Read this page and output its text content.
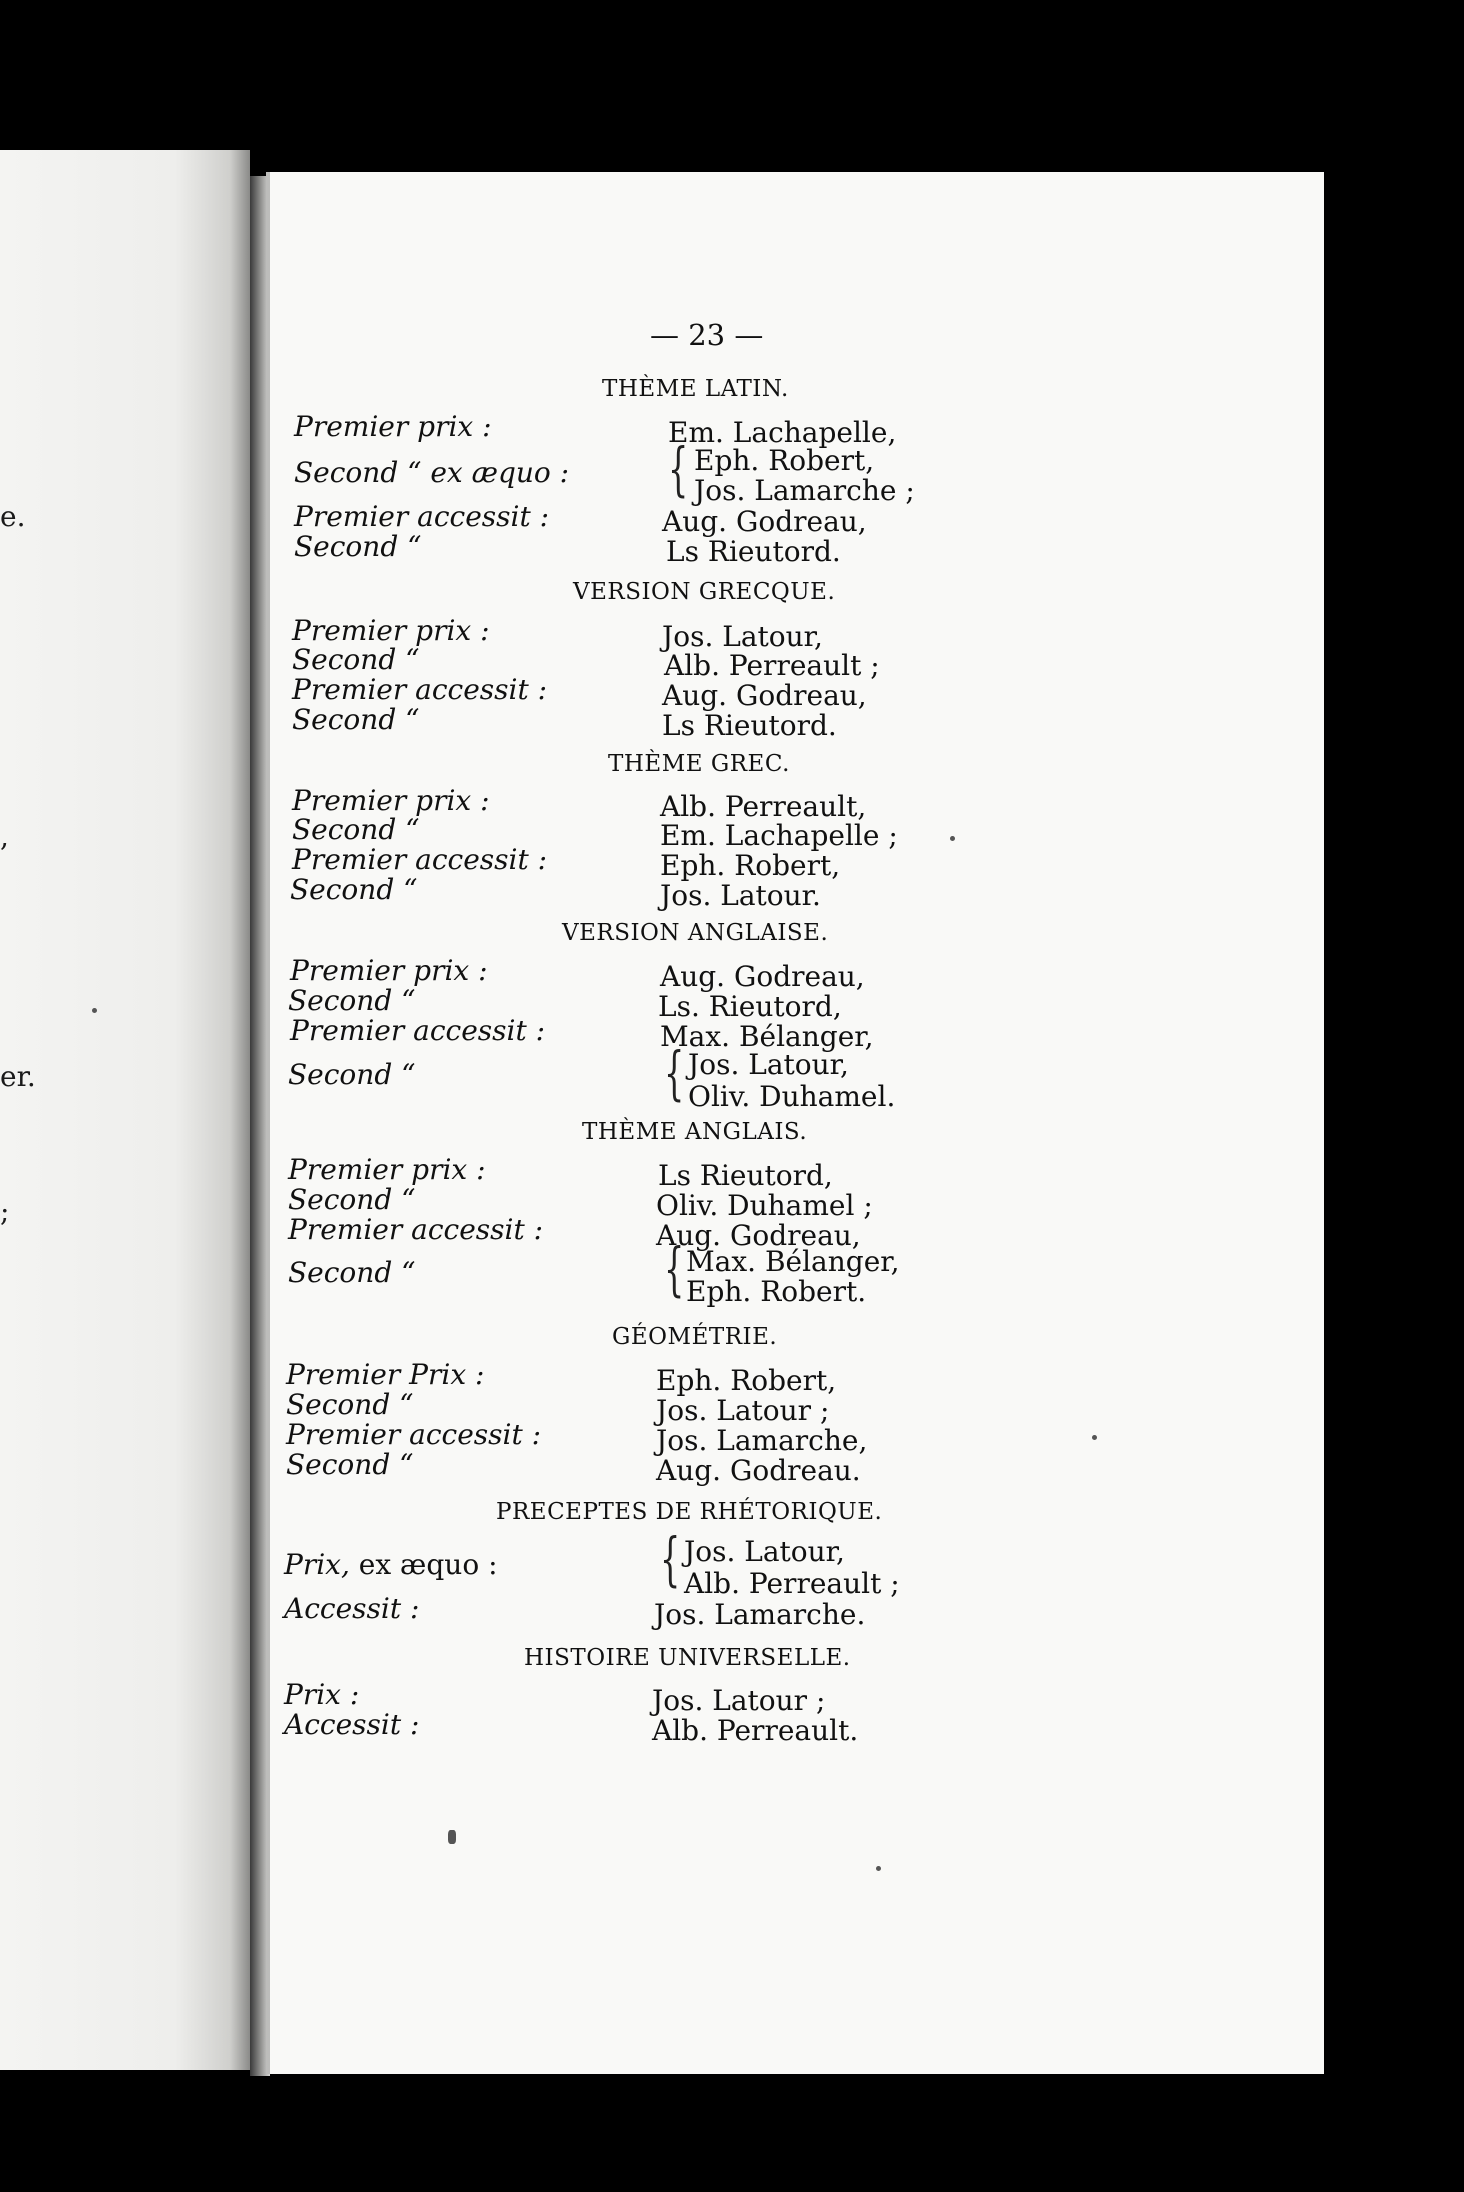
e.
,
er.
;
— 23 —
THÈME LATIN.
Premier prix :	Em. Lachapelle,
Second “ ex æquo : { Eph. Robert,
Jos. Lamarche ;
Premier accessit :	Aug. Godreau,
Second “	Ls Rieutord.
VERSION GRECQUE.
Premier prix :	Jos. Latour,
Second “	Alb. Perreault ;
Premier accessit :	Aug. Godreau,
Second “	Ls Rieutord.
THÈME GREC.
Premier prix :	Alb. Perreault,
Second “	Em. Lachapelle ;
Premier accessit :	Eph. Robert,
Second “	Jos. Latour.
VERSION ANGLAISE.
Premier prix :	Aug. Godreau,
Second “	Ls. Rieutord,
Premier accessit :	Max. Bélanger,
Second “	{ Jos. Latour,
Oliv. Duhamel.
THÈME ANGLAIS.
Premier prix :	Ls Rieutord,
Second “	Oliv. Duhamel ;
Premier accessit :	Aug. Godreau,
Second “	{ Max. Bélanger,
Eph. Robert.
GÉOMÉTRIE.
Premier Prix :	Eph. Robert,
Second “	Jos. Latour ;
Premier accessit :	Jos. Lamarche,
Second “	Aug. Godreau.
PRECEPTES DE RHÉTORIQUE.
Prix, ex æquo :	{ Jos. Latour,
Alb. Perreault ;
Accessit :	Jos. Lamarche.
HISTOIRE UNIVERSELLE.
Prix :	Jos. Latour ;
Accessit :	Alb. Perreault.
